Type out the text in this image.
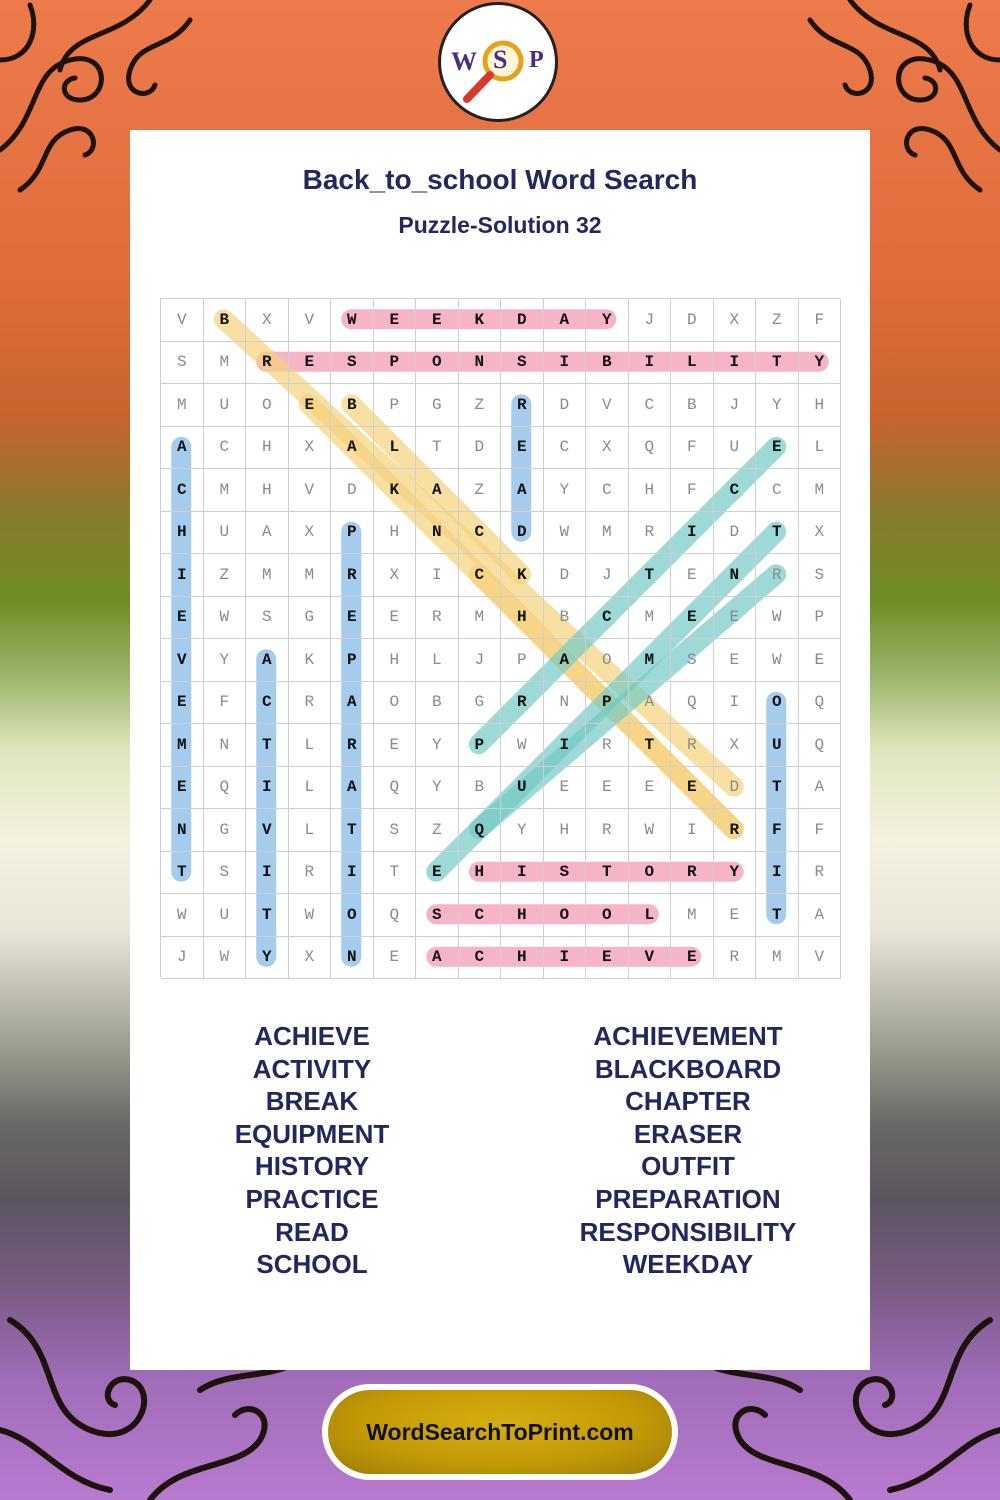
W S P
Back_to_school Word Search
Puzzle-Solution 32
V	B	X	V	W	E	E	K	D	A	Y	J	D	X	Z	F
S	M	R	E	S	P	O	N	S	I	B	I	L	I	T	Y
M	U	O	E	B	P	G	Z	R	D	V	C	B	J	Y	H
A	C	H	X	A	L	T	D	E	C	X	Q	F	U	E	L
C	M	H	V	D	K	A	Z	A	Y	C	H	F	C	C	M
H	U	A	X	P	H	N	C	D	W	M	R	I	D	T	X
I	Z	M	M	R	X	I	C	K	D	J	T	E	N	R	S
E	W	S	G	E	E	R	M	H	B	C	M	E	E	W	P
V	Y	A	K	P	H	L	J	P	A	O	M	S	E	W	E
E	F	C	R	A	O	B	G	R	N	P	A	Q	I	O	Q
M	N	T	L	R	E	Y	P	W	I	R	T	R	X	U	Q
E	Q	I	L	A	Q	Y	B	U	E	E	E	E	D	T	A
N	G	V	L	T	S	Z	Q	Y	H	R	W	I	R	F	F
T	S	I	R	I	T	E	H	I	S	T	O	R	Y	I	R
W	U	T	W	O	Q	S	C	H	O	O	L	M	E	T	A
J	W	Y	X	N	E	A	C	H	I	E	V	E	R	M	V
ACHIEVE
ACTIVITY
BREAK
EQUIPMENT
HISTORY
PRACTICE
READ
SCHOOL
ACHIEVEMENT
BLACKBOARD
CHAPTER
ERASER
OUTFIT
PREPARATION
RESPONSIBILITY
WEEKDAY
WordSearchToPrint.com
